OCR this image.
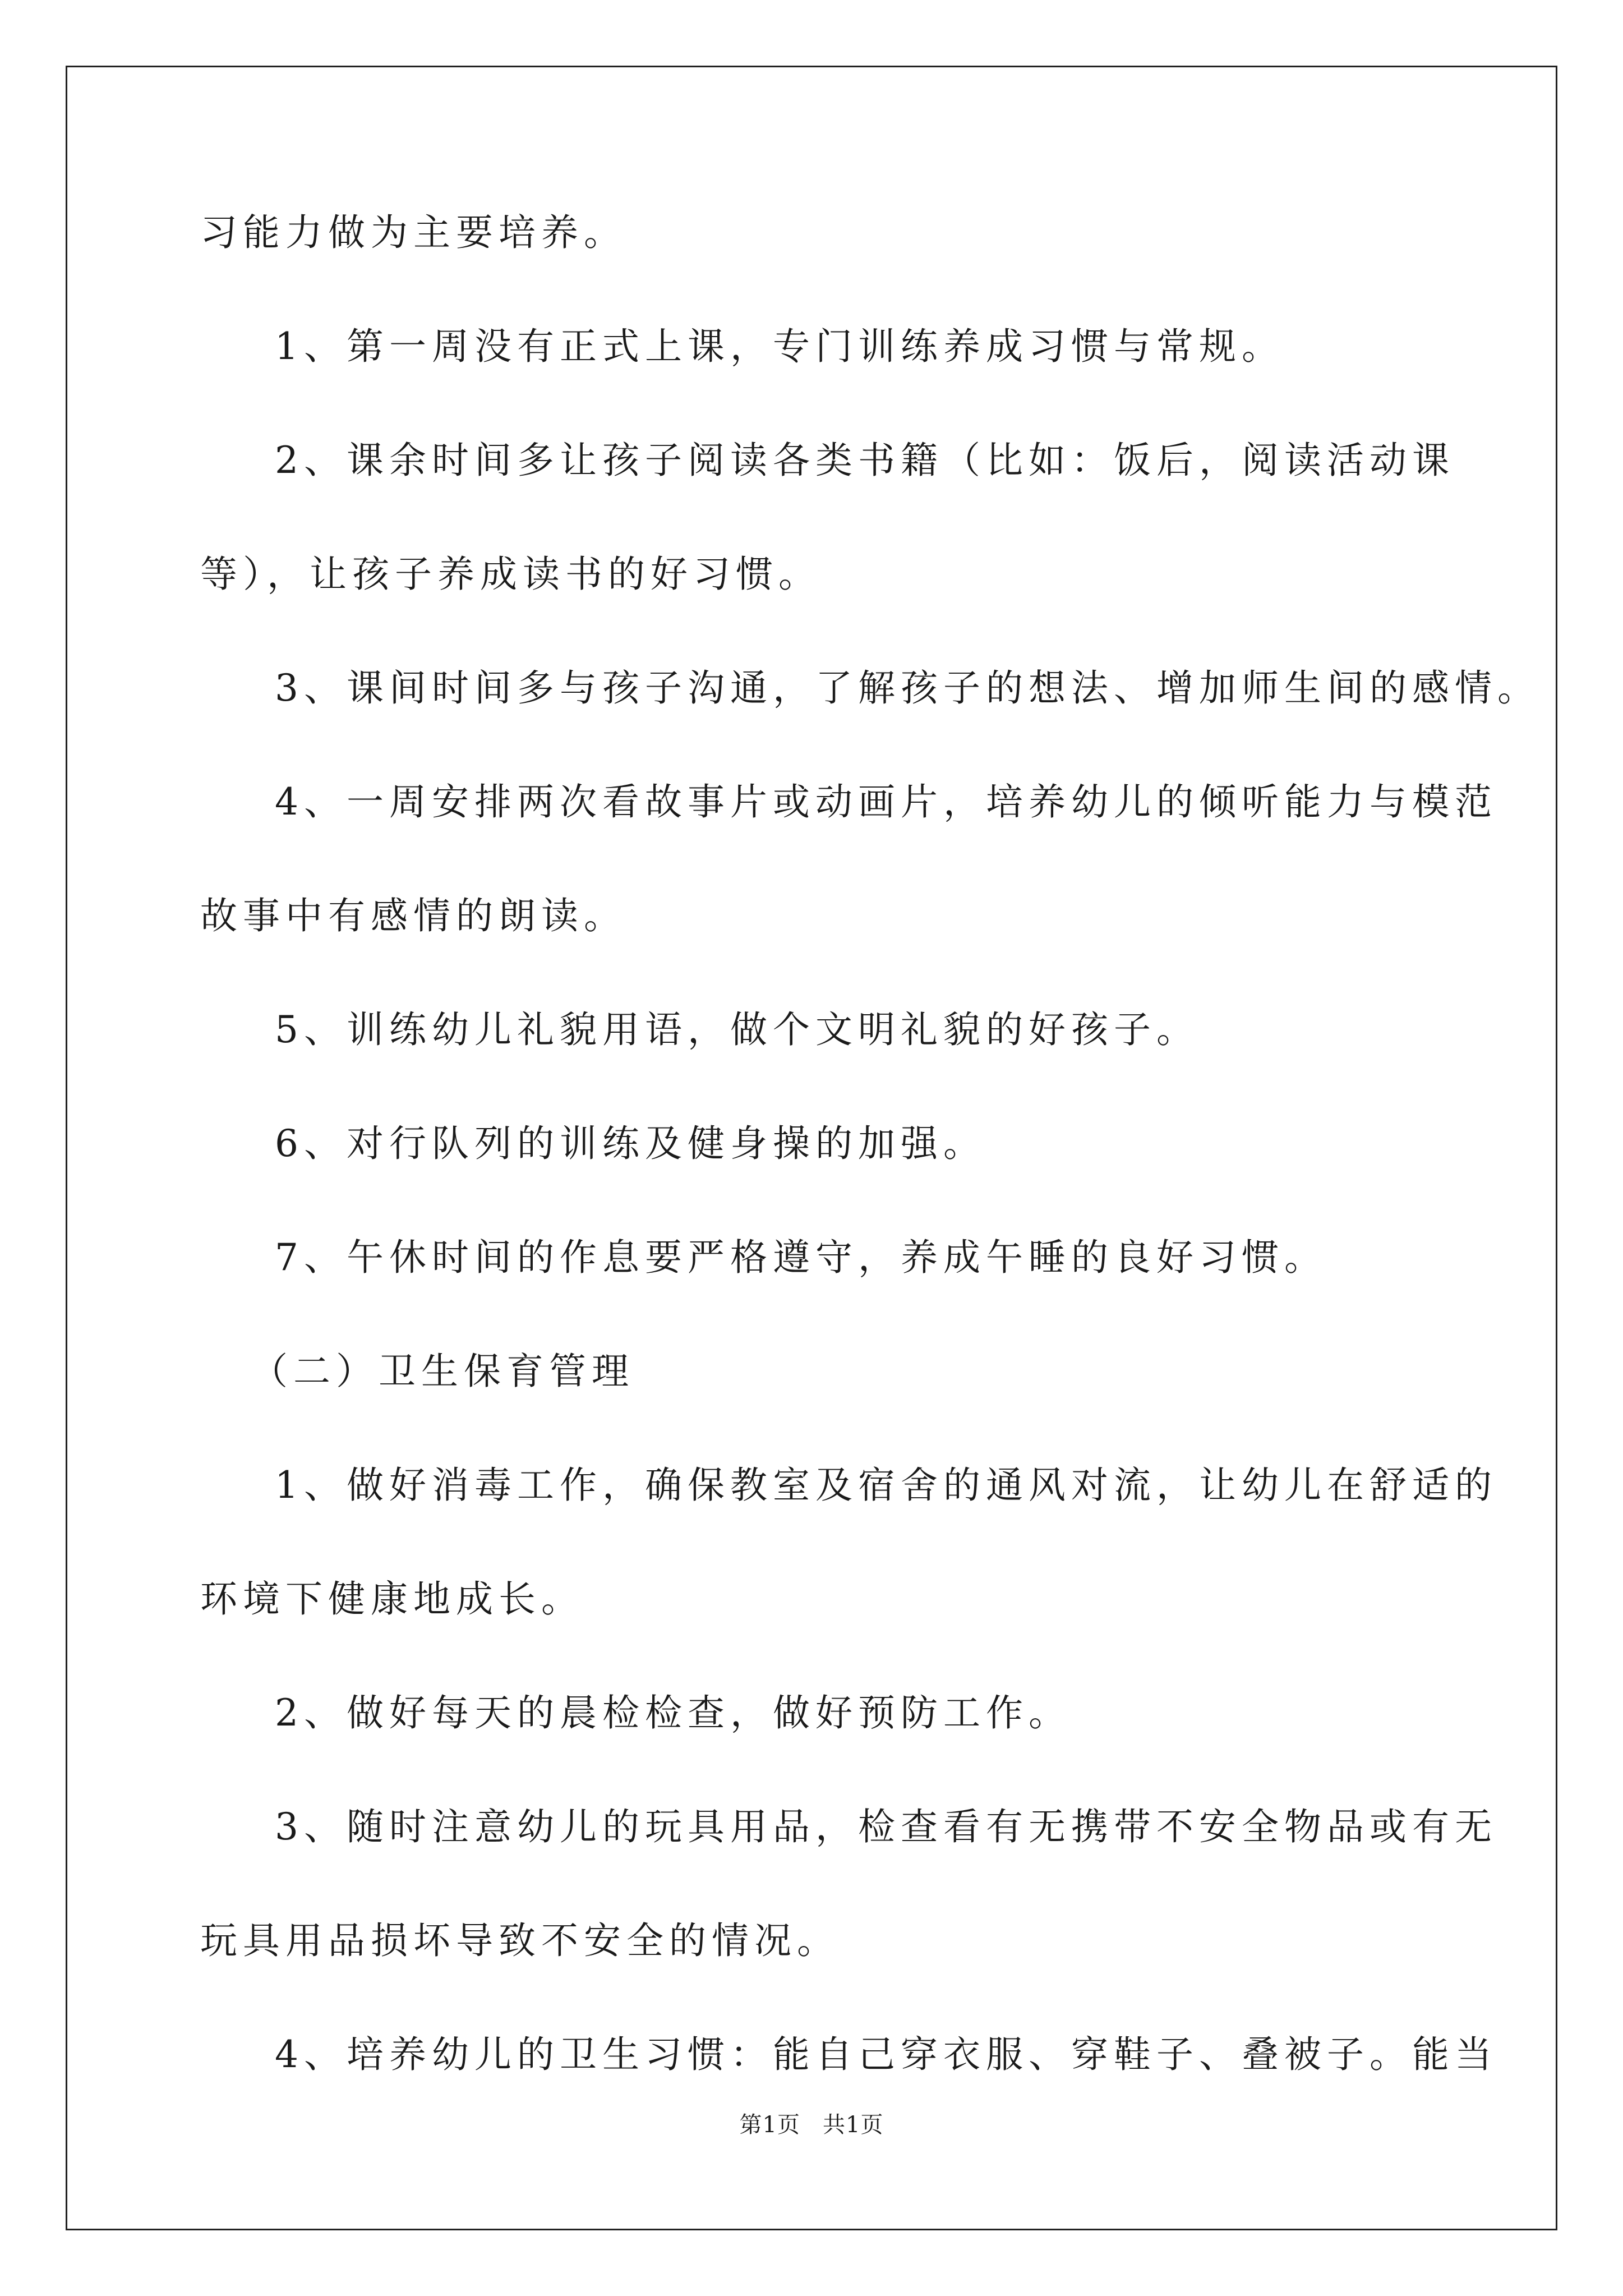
习能力做为主要培养。
1、第一周没有正式上课，专门训练养成习惯与常规。
2、课余时间多让孩子阅读各类书籍（比如：饭后，阅读活动课
等），让孩子养成读书的好习惯。
3、课间时间多与孩子沟通，了解孩子的想法、增加师生间的感情。
4、一周安排两次看故事片或动画片，培养幼儿的倾听能力与模范
故事中有感情的朗读。
5、训练幼儿礼貌用语，做个文明礼貌的好孩子。
6、对行队列的训练及健身操的加强。
7、午休时间的作息要严格遵守，养成午睡的良好习惯。
（二）卫生保育管理
1、做好消毒工作，确保教室及宿舍的通风对流，让幼儿在舒适的
环境下健康地成长。
2、做好每天的晨检检查，做好预防工作。
3、随时注意幼儿的玩具用品，检查看有无携带不安全物品或有无
玩具用品损坏导致不安全的情况。
4、培养幼儿的卫生习惯：能自己穿衣服、穿鞋子、叠被子。能当
第1页 共1页
